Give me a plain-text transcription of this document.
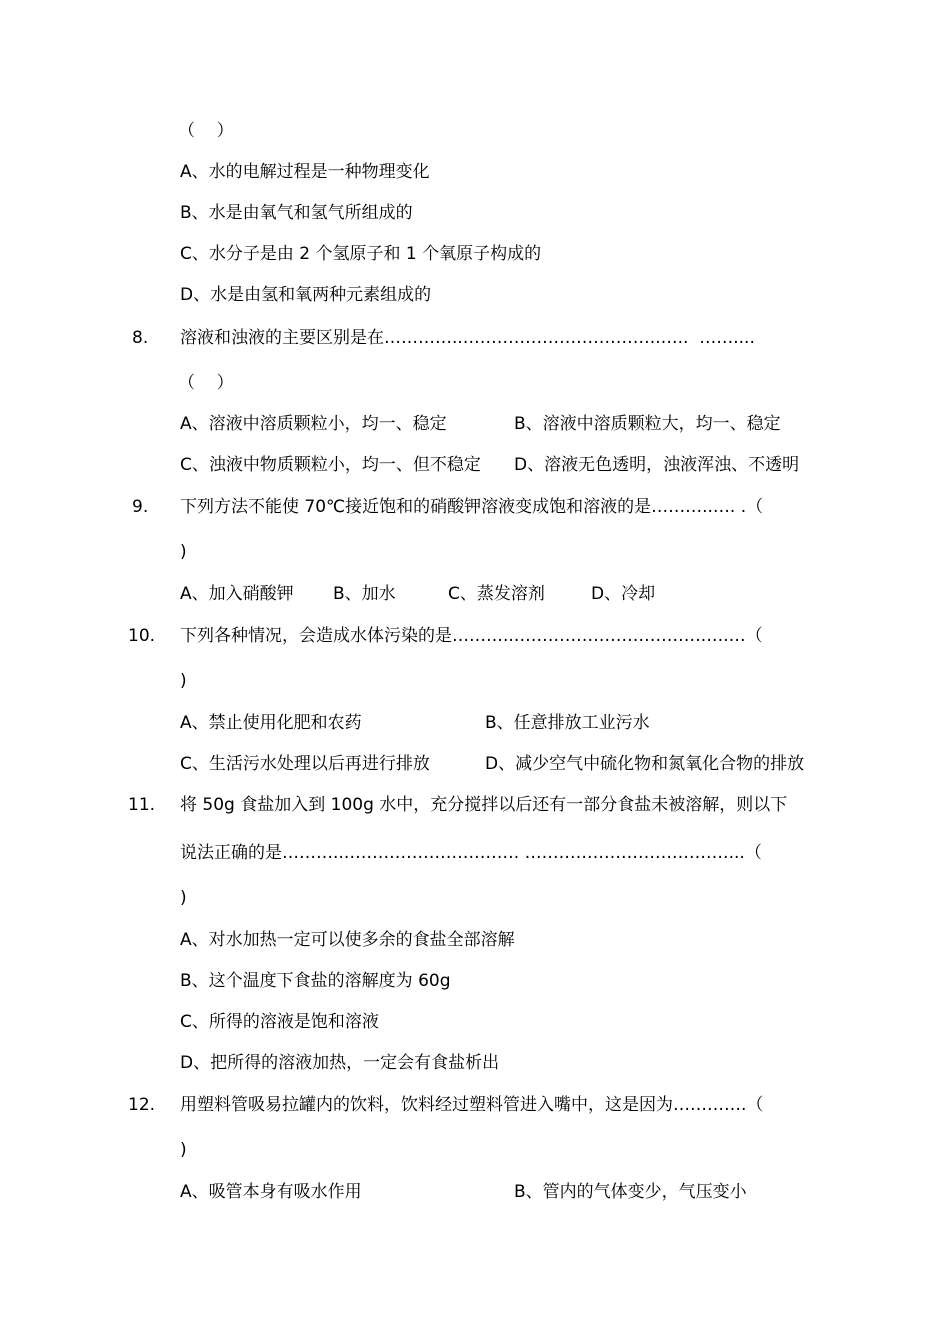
（    ）
A、水的电解过程是一种物理变化
B、水是由氧气和氢气所组成的
C、水分子是由 2 个氢原子和 1 个氧原子构成的
D、水是由氢和氧两种元素组成的
8. 溶液和浊液的主要区别是在…………..……………………………..…..  ……....
（    ）
A、溶液中溶质颗粒小，均一、稳定	B、溶液中溶质颗粒大，均一、稳定
C、浊液中物质颗粒小，均一、但不稳定 D、溶液无色透明，浊液浑浊、不透明
9. 下列方法不能使 70℃接近饱和的硝酸钾溶液变成饱和溶液的是………..…. .（
)
A、加入硝酸钾 B、加水	C、蒸发溶剂	D、冷却
10. 下列各种情况，会造成水体污染的是………..…………………………….….…（
)
A、禁止使用化肥和农药	B、任意排放工业污水
C、生活污水处理以后再进行排放	D、减少空气中硫化物和氮氧化合物的排放
11. 将 50g 食盐加入到 100g 水中，充分搅拌以后还有一部分食盐未被溶解，则以下
说法正确的是………..…………………………. ………………………………...（
)
A、对水加热一定可以使多余的食盐全部溶解
B、这个温度下食盐的溶解度为 60g
C、所得的溶液是饱和溶液
D、把所得的溶液加热，一定会有食盐析出
12. 用塑料管吸易拉罐内的饮料，饮料经过塑料管进入嘴中，这是因为………….（
)
A、吸管本身有吸水作用	B、管内的气体变少，气压变小
